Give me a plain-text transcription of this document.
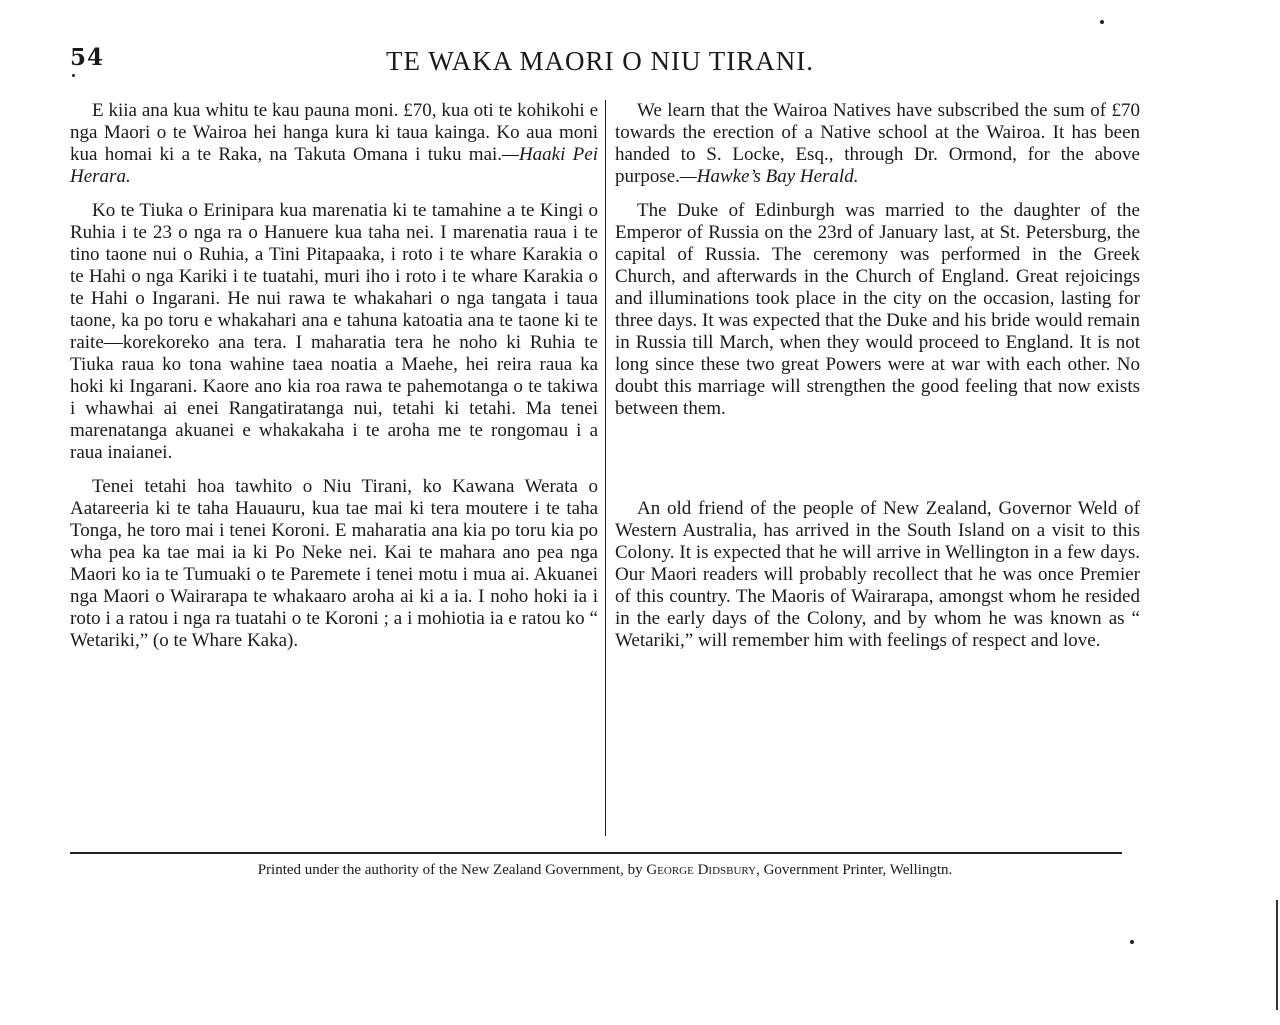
54	TE WAKA MAORI O NIU TIRANI.

E kiia ana kua whitu te kau pauna moni. £70, kua oti te kohikohi e nga Maori o te Wairoa hei hanga kura ki taua kainga. Ko aua moni kua homai ki a te Raka, na Takuta Omana i tuku mai.—Haaki Pei Herara.

Ko te Tiuka o Erinipara kua marenatia ki te tamahine a te Kingi o Ruhia i te 23 o nga ra o Hanuere kua taha nei. I marenatia raua i te tino taone nui o Ruhia, a Tini Pitapaaka, i roto i te whare Karakia o te Hahi o nga Kariki i te tuatahi, muri iho i roto i te whare Karakia o te Hahi o Ingarani. He nui rawa te whakahari o nga tangata i taua taone, ka po toru e whakahari ana e tahuna katoatia ana te taone ki te raite—korekoreko ana tera. I maharatia tera he noho ki Ruhia te Tiuka raua ko tona wahine taea noatia a Maehe, hei reira raua ka hoki ki Ingarani. Kaore ano kia roa rawa te pahemotanga o te takiwa i whawhai ai enei Rangatiratanga nui, tetahi ki tetahi. Ma tenei marenatanga akuanei e whakakaha i te aroha me te rongomau i a raua inaianei.

Tenei tetahi hoa tawhito o Niu Tirani, ko Kawana Werata o Aatareeria ki te taha Hauauru, kua tae mai ki tera moutere i te taha Tonga, he toro mai i tenei Koroni. E maharatia ana kia po toru kia po wha pea ka tae mai ia ki Po Neke nei. Kai te mahara ano pea nga Maori ko ia te Tumuaki o te Paremete i tenei motu i mua ai. Akuanei nga Maori o Wairarapa te whakaaro aroha ai ki a ia. I noho hoki ia i roto i a ratou i nga ra tuatahi o te Koroni ; a i mohiotia ia e ratou ko “ Wetariki,” (o te Whare Kaka).

We learn that the Wairoa Natives have subscribed the sum of £70 towards the erection of a Native school at the Wairoa. It has been handed to S. Locke, Esq., through Dr. Ormond, for the above purpose.—Hawke’s Bay Herald.

The Duke of Edinburgh was married to the daughter of the Emperor of Russia on the 23rd of January last, at St. Petersburg, the capital of Russia. The ceremony was performed in the Greek Church, and afterwards in the Church of England. Great rejoicings and illuminations took place in the city on the occasion, lasting for three days. It was expected that the Duke and his bride would remain in Russia till March, when they would proceed to England. It is not long since these two great Powers were at war with each other. No doubt this marriage will strengthen the good feeling that now exists between them.

An old friend of the people of New Zealand, Governor Weld of Western Australia, has arrived in the South Island on a visit to this Colony. It is expected that he will arrive in Wellington in a few days. Our Maori readers will probably recollect that he was once Premier of this country. The Maoris of Wairarapa, amongst whom he resided in the early days of the Colony, and by whom he was known as “ Wetariki,” will remember him with feelings of respect and love.

Printed under the authority of the New Zealand Government, by George Didsbury, Government Printer, Wellingtn.
